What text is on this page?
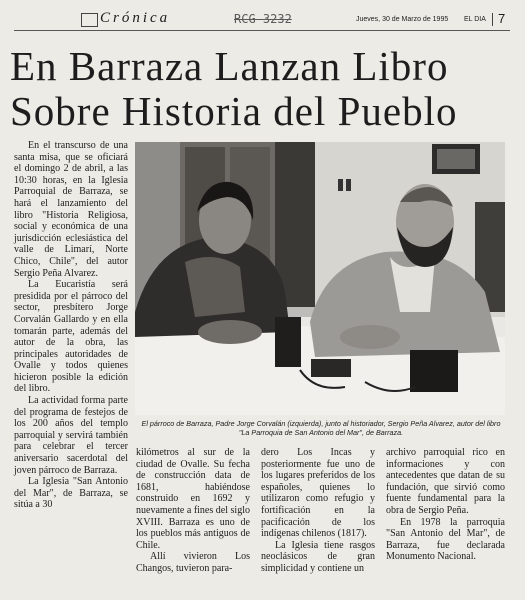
Crónica	RCG 3232	Jueves, 30 de Marzo de 1995 EL DIA 7
En Barraza Lanzan Libro Sobre Historia del Pueblo
El párroco de Barraza, Padre Jorge Corvalán (izquierda), junto al historiador, Sergio Peña Alvarez, autor del libro "La Parroquia de San Antonio del Mar", de Barraza.

En el transcurso de una santa misa, que se oficiará el domingo 2 de abril, a las 10:30 horas, en la Iglesia Parroquial de Barraza, se hará el lanzamiento del libro "Historia Religiosa, social y económica de una jurisdicción eclesiástica del valle de Limarí, Norte Chico, Chile", del autor Sergio Peña Alvarez.

La Eucaristía será presidida por el párroco del sector, presbítero Jorge Corvalán Gallardo y en ella tomarán parte, además del autor de la obra, las principales autoridades de Ovalle y todos quienes hicieron posible la edición del libro.

La actividad forma parte del programa de festejos de los 200 años del templo parroquial y servirá también para celebrar el tercer aniversario sacerdotal del joven párroco de Barraza.

La Iglesia "San Antonio del Mar", de Barraza, se sitúa a 30

kilómetros al sur de la ciudad de Ovalle. Su fecha de construcción data de 1681, habiéndose construido en 1692 y nuevamente a fines del siglo XVIII. Barraza es uno de los pueblos más antiguos de Chile.

Allí vivieron Los Changos, tuvieron para-

dero Los Incas y posteriormente fue uno de los lugares preferidos de los españoles, quienes lo utilizaron como refugio y fortificación en la pacificación de los indígenas chilenos (1817).

La Iglesia tiene rasgos neoclásicos de gran simplicidad y contiene un

archivo parroquial rico en informaciones y con antecedentes que datan de su fundación, que sirvió como fuente fundamental para la obra de Sergio Peña.

En 1978 la parroquia "San Antonio del Mar", de Barraza, fue declarada Monumento Nacional.
